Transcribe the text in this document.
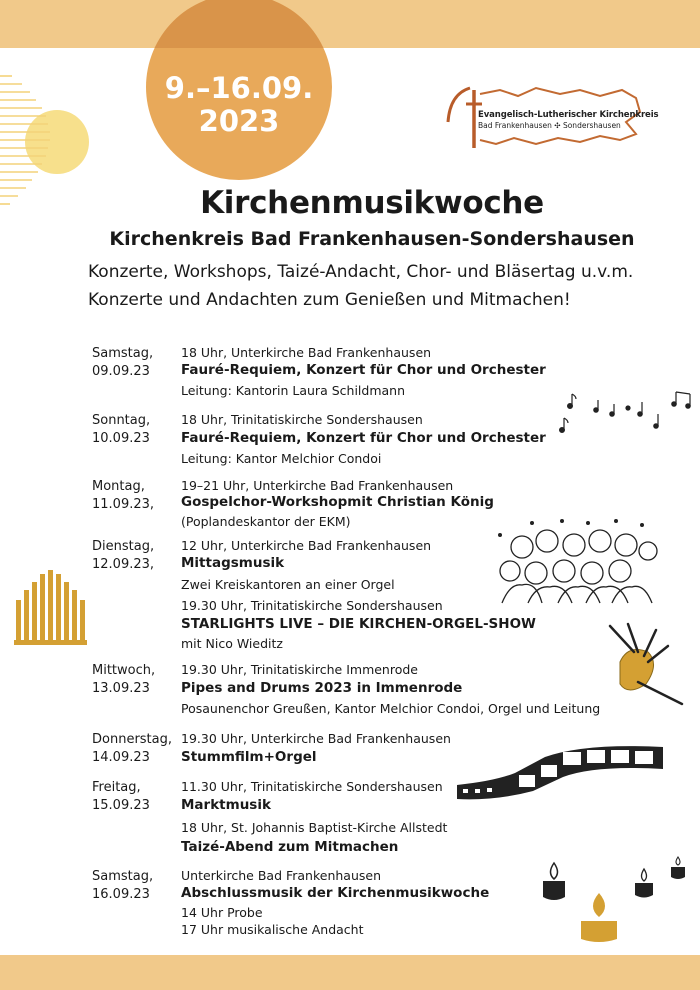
9.–16.09.
2023	Evangelisch-Lutherischer Kirchenkreis
Bad Frankenhausen ✣ Sondershausen
Kirchenmusikwoche
Kirchenkreis Bad Frankenhausen-Sondershausen
Konzerte, Workshops, Taizé-Andacht, Chor- und Bläsertag u.v.m.
Konzerte und Andachten zum Genießen und Mitmachen!
Samstag,
09.09.23
18 Uhr, Unterkirche Bad Frankenhausen
Fauré-Requiem, Konzert für Chor und Orchester
Leitung: Kantorin Laura Schildmann
Sonntag,
10.09.23
18 Uhr, Trinitatiskirche Sondershausen
Fauré-Requiem, Konzert für Chor und Orchester
Leitung: Kantor Melchior Condoi
Montag,
11.09.23,
19–21 Uhr, Unterkirche Bad Frankenhausen
Gospelchor-Workshopmit Christian König
(Poplandeskantor der EKM)
Dienstag,
12.09.23,
12 Uhr, Unterkirche Bad Frankenhausen
Mittagsmusik
Zwei Kreiskantoren an einer Orgel
19.30 Uhr, Trinitatiskirche Sondershausen
STARLIGHTS LIVE – DIE KIRCHEN-ORGEL-SHOW
mit Nico Wieditz
Mittwoch,
13.09.23
19.30 Uhr, Trinitatiskirche Immenrode
Pipes and Drums 2023 in Immenrode
Posaunenchor Greußen, Kantor Melchior Condoi, Orgel und Leitung
Donnerstag,
14.09.23
19.30 Uhr, Unterkirche Bad Frankenhausen
Stummfilm+Orgel
Freitag,
15.09.23
11.30 Uhr, Trinitatiskirche Sondershausen
Marktmusik
18 Uhr, St. Johannis Baptist-Kirche Allstedt
Taizé-Abend zum Mitmachen
Samstag,
16.09.23
Unterkirche Bad Frankenhausen
Abschlussmusik der Kirchenmusikwoche
14 Uhr Probe
17 Uhr musikalische Andacht
